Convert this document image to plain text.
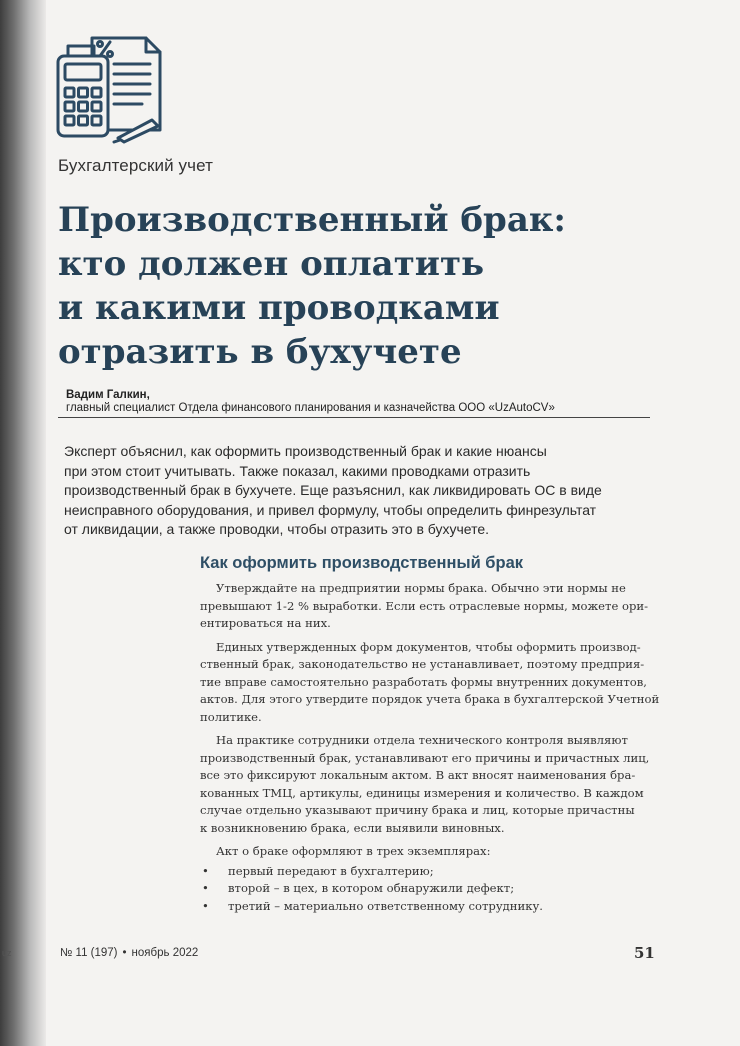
uz
Бухгалтерский учет
Производственный брак:
кто должен оплатить
и какими проводками
отразить в бухучете
Вадим Галкин,
главный специалист Отдела финансового планирования и казначейства ООО «UzAutoCV»
Эксперт объяснил, как оформить производственный брак и какие нюансы
при этом стоит учитывать. Также показал, какими проводками отразить
производственный брак в бухучете. Еще разъяснил, как ликвидировать ОС в виде
неисправного оборудования, и привел формулу, чтобы определить финрезультат
от ликвидации, а также проводки, чтобы отразить это в бухучете.
Как оформить производственный брак
Утверждайте на предприятии нормы брака. Обычно эти нормы не
превышают 1-2 % выработки. Если есть отраслевые нормы, можете ори-
ентироваться на них.
Единых утвержденных форм документов, чтобы оформить производ-
ственный брак, законодательство не устанавливает, поэтому предприя-
тие вправе самостоятельно разработать формы внутренних документов,
актов. Для этого утвердите порядок учета брака в бухгалтерской Учетной
политике.
На практике сотрудники отдела технического контроля выявляют
производственный брак, устанавливают его причины и причастных лиц,
все это фиксируют локальным актом. В акт вносят наименования бра-
кованных ТМЦ, артикулы, единицы измерения и количество. В каждом
случае отдельно указывают причину брака и лиц, которые причастны
к возникновению брака, если выявили виновных.
Акт о браке оформляют в трех экземплярах:
• первый передают в бухгалтерию;
• второй – в цех, в котором обнаружили дефект;
• третий – материально ответственному сотруднику.
№ 11 (197) • ноябрь 2022	51
